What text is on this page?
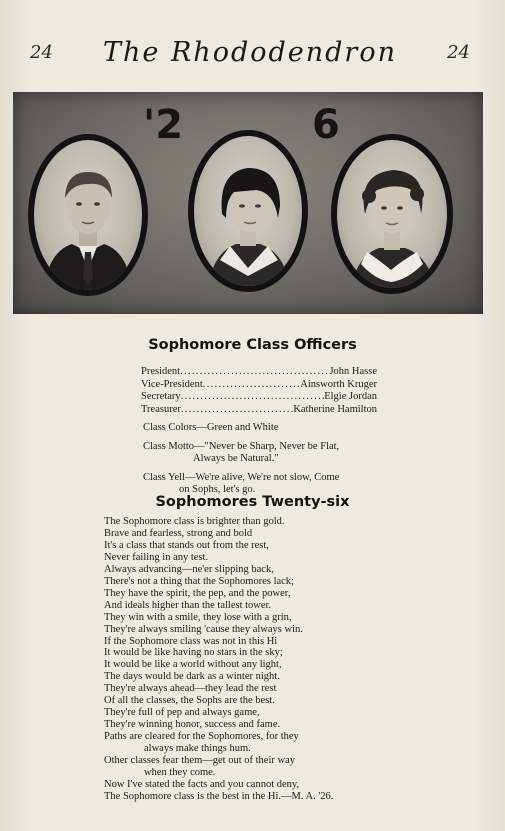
24	The Rhododendron	24
'2	6
Sophomore Class Officers
President .....	John Hasse
Vice-President .....	Ainsworth Kruger
Secretary .....	Elgie Jordan
Treasurer .....	Katherine Hamilton
Class Colors—Green and White
Class Motto—"Never be Sharp, Never be Flat,
Always be Natural."
Class Yell—We're alive, We're not slow, Come
on Sophs, let's go.
Sophomores Twenty-six
The Sophomore class is brighter than gold.
Brave and fearless, strong and bold
It's a class that stands out from the rest,
Never failing in any test.
Always advancing—ne'er slipping back,
There's not a thing that the Sophomores lack;
They have the spirit, the pep, and the power,
And ideals higher than the tallest tower.
They win with a smile, they lose with a grin,
They're always smiling 'cause they always win.
If the Sophomore class was not in this Hi
It would be like having no stars in the sky;
It would be like a world without any light,
The days would be dark as a winter night.
They're always ahead—they lead the rest
Of all the classes, the Sophs are the best.
They're full of pep and always game,
They're winning honor, success and fame.
Paths are cleared for the Sophomores, for they
always make things hum.
Other classes fear them—get out of their way
when they come.
Now I've stated the facts and you cannot deny,
The Sophomore class is the best in the Hi.—M. A. '26.
